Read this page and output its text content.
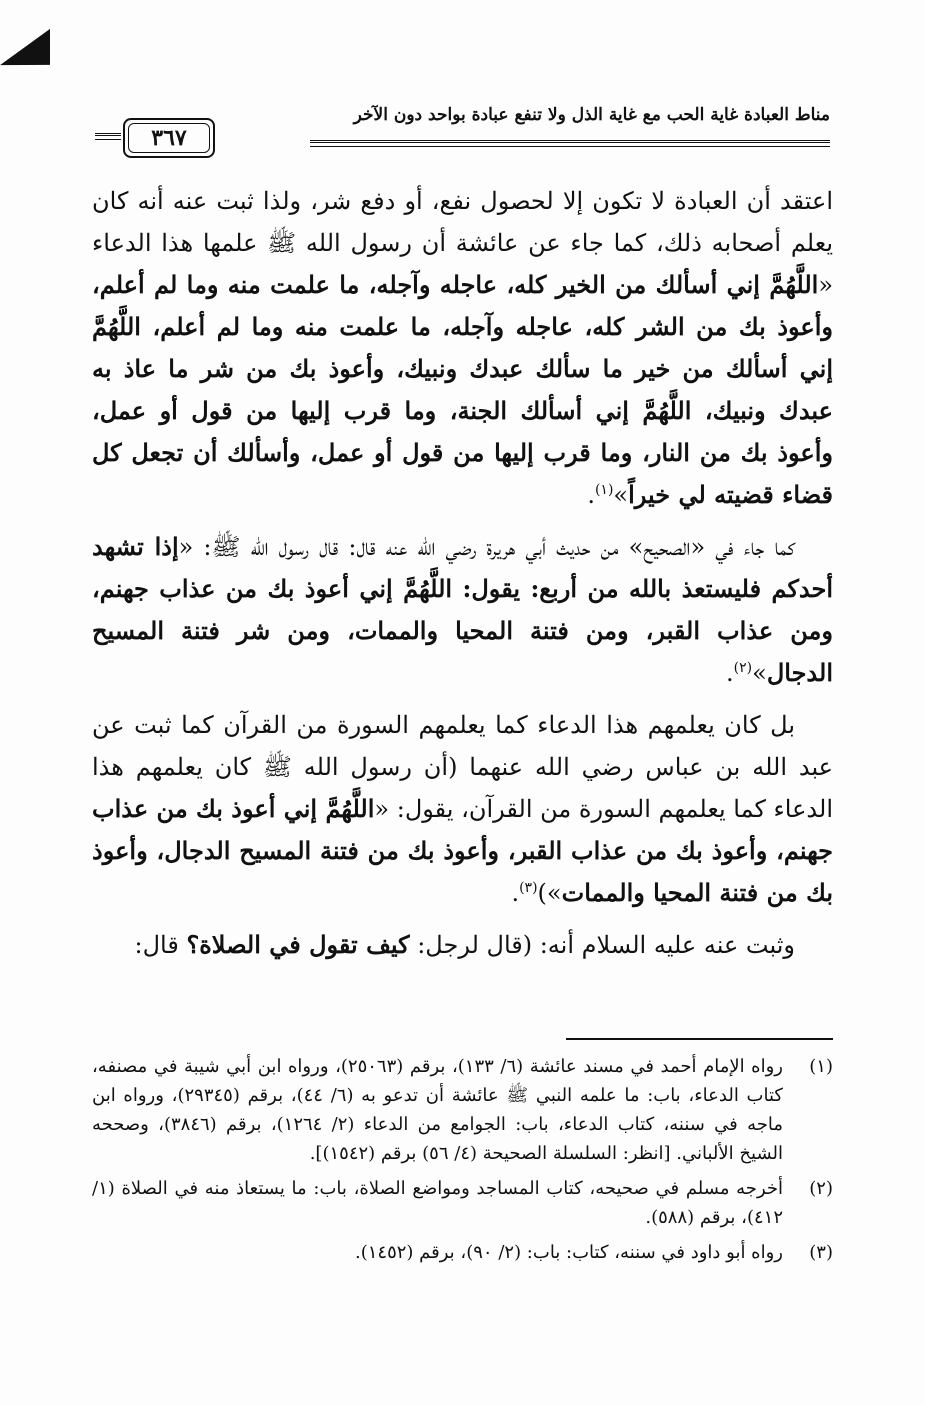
مناط العبادة غاية الحب مع غاية الذل ولا تنفع عبادة بواحد دون الآخر
٣٦٧

اعتقد أن العبادة لا تكون إلا لحصول نفع، أو دفع شر، ولذا ثبت عنه أنه كان يعلم أصحابه ذلك، كما جاء عن عائشة أن رسول الله ﷺ علمها هذا الدعاء «اللَّهُمَّ إني أسألك من الخير كله، عاجله وآجله، ما علمت منه وما لم أعلم، وأعوذ بك من الشر كله، عاجله وآجله، ما علمت منه وما لم أعلم، اللَّهُمَّ إني أسألك من خير ما سألك عبدك ونبيك، وأعوذ بك من شر ما عاذ به عبدك ونبيك، اللَّهُمَّ إني أسألك الجنة، وما قرب إليها من قول أو عمل، وأعوذ بك من النار، وما قرب إليها من قول أو عمل، وأسألك أن تجعل كل قضاء قضيته لي خيراً»$^{(١)}$.

كما جاء في «الصحيح» من حديث أبي هريرة رضي الله عنه قال: قال رسول الله ﷺ: «إذا تشهد أحدكم فليستعذ بالله من أربع: يقول: اللَّهُمَّ إني أعوذ بك من عذاب جهنم، ومن عذاب القبر، ومن فتنة المحيا والممات، ومن شر فتنة المسيح الدجال»$^{(٢)}$.

بل كان يعلمهم هذا الدعاء كما يعلمهم السورة من القرآن كما ثبت عن عبد الله بن عباس رضي الله عنهما (أن رسول الله ﷺ كان يعلمهم هذا الدعاء كما يعلمهم السورة من القرآن، يقول: «اللَّهُمَّ إني أعوذ بك من عذاب جهنم، وأعوذ بك من عذاب القبر، وأعوذ بك من فتنة المسيح الدجال، وأعوذ بك من فتنة المحيا والممات»)$^{(٣)}$.

وثبت عنه عليه السلام أنه: (قال لرجل: كيف تقول في الصلاة؟ قال:

(١)
رواه الإمام أحمد في مسند عائشة (٦/ ١٣٣)، برقم (٢٥٠٦٣)، ورواه ابن أبي شيبة في مصنفه، كتاب الدعاء، باب: ما علمه النبي ﷺ عائشة أن تدعو به (٦/ ٤٤)، برقم (٢٩٣٤٥)، ورواه ابن ماجه في سننه، كتاب الدعاء، باب: الجوامع من الدعاء (٢/ ١٢٦٤)، برقم (٣٨٤٦)، وصححه الشيخ الألباني. [انظر: السلسلة الصحيحة (٤/ ٥٦) برقم (١٥٤٢)].
(٢)
أخرجه مسلم في صحيحه، كتاب المساجد ومواضع الصلاة، باب: ما يستعاذ منه في الصلاة (١/ ٤١٢)، برقم (٥٨٨).
(٣)
رواه أبو داود في سننه، كتاب: باب: (٢/ ٩٠)، برقم (١٤٥٢).
